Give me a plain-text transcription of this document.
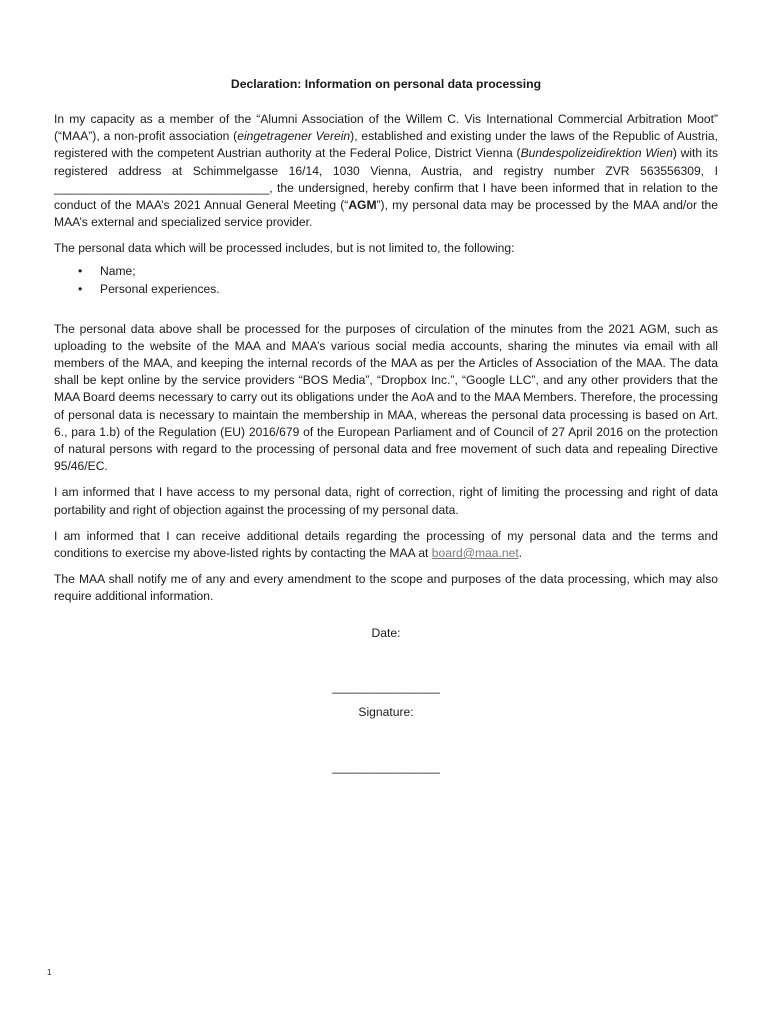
Declaration: Information on personal data processing

In my capacity as a member of the “Alumni Association of the Willem C. Vis International Commercial Arbitration Moot” (“MAA”), a non-profit association (eingetragener Verein), established and existing under the laws of the Republic of Austria, registered with the competent Austrian authority at the Federal Police, District Vienna (Bundespolizeidirektion Wien) with its registered address at Schimmelgasse 16/14, 1030 Vienna, Austria, and registry number ZVR 563556309, I ________________________________, the undersigned, hereby confirm that I have been informed that in relation to the conduct of the MAA’s 2021 Annual General Meeting (“AGM”), my personal data may be processed by the MAA and/or the MAA’s external and specialized service provider.

The personal data which will be processed includes, but is not limited to, the following:

• Name;
• Personal experiences.

The personal data above shall be processed for the purposes of circulation of the minutes from the 2021 AGM, such as uploading to the website of the MAA and MAA’s various social media accounts, sharing the minutes via email with all members of the MAA, and keeping the internal records of the MAA as per the Articles of Association of the MAA. The data shall be kept online by the service providers “BOS Media”, “Dropbox Inc.”, “Google LLC”, and any other providers that the MAA Board deems necessary to carry out its obligations under the AoA and to the MAA Members. Therefore, the processing of personal data is necessary to maintain the membership in MAA, whereas the personal data processing is based on Art. 6., para 1.b) of the Regulation (EU) 2016/679 of the European Parliament and of Council of 27 April 2016 on the protection of natural persons with regard to the processing of personal data and free movement of such data and repealing Directive 95/46/EC.

I am informed that I have access to my personal data, right of correction, right of limiting the processing and right of data portability and right of objection against the processing of my personal data.

I am informed that I can receive additional details regarding the processing of my personal data and the terms and conditions to exercise my above-listed rights by contacting the MAA at board@maa.net.

The MAA shall notify me of any and every amendment to the scope and purposes of the data processing, which may also require additional information.

Date:
________________
Signature:
________________
1
